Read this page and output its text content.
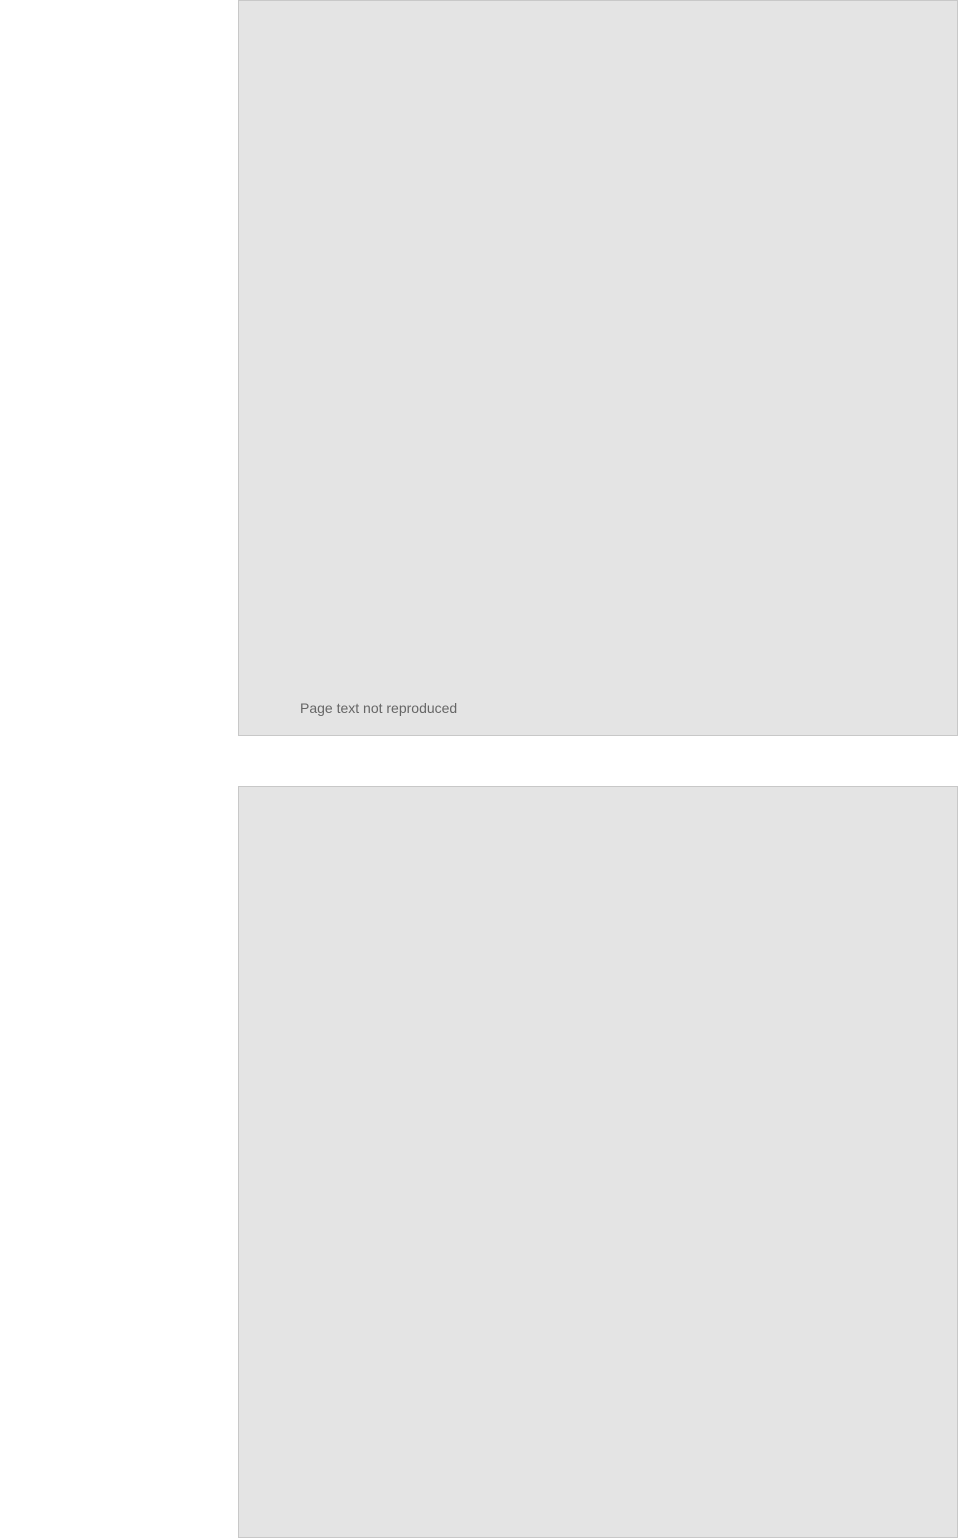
Page text not reproduced
